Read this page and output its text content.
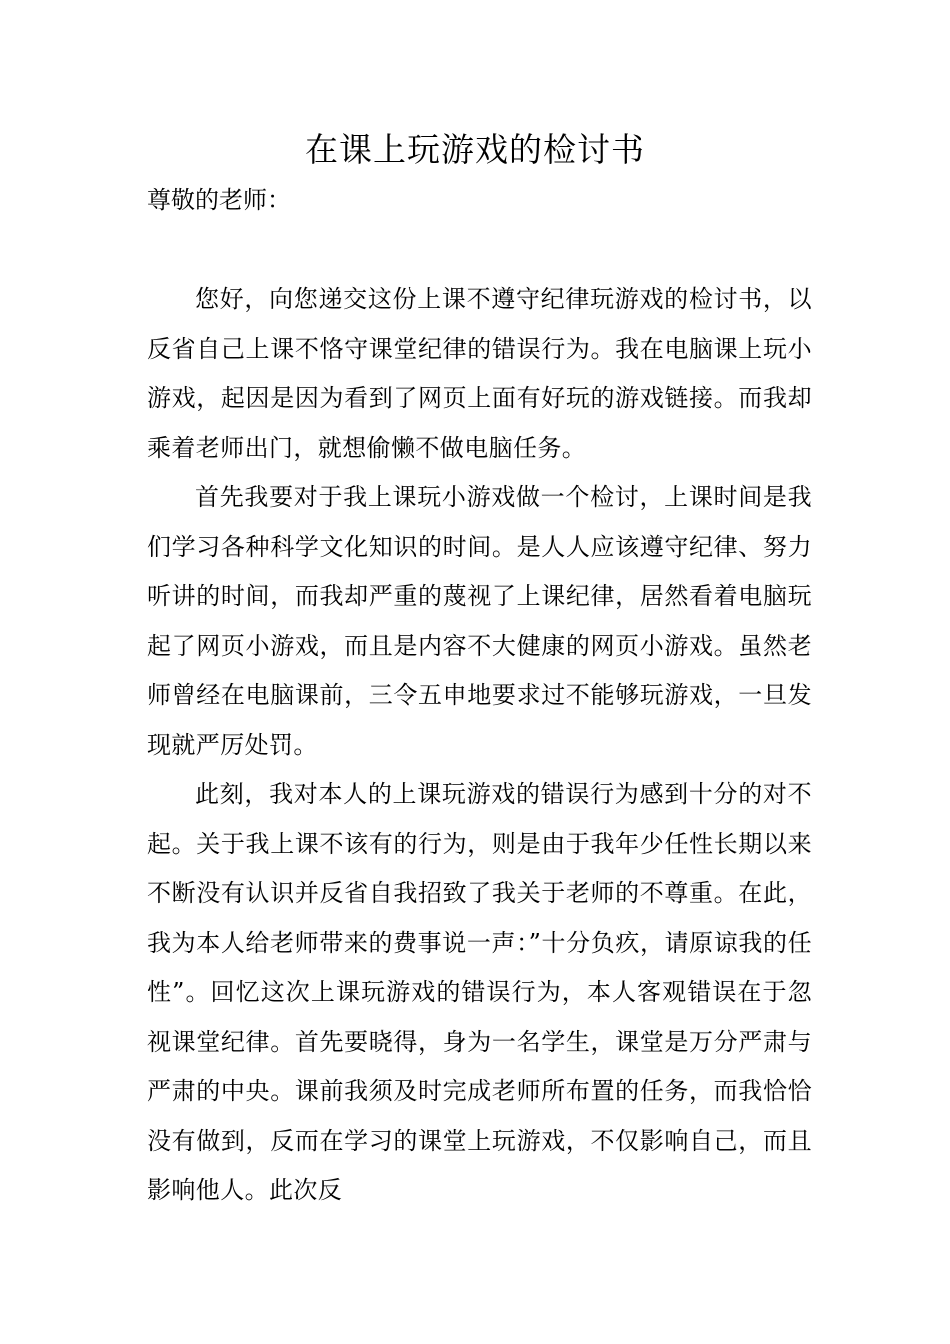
在课上玩游戏的检讨书
尊敬的老师：

您好，向您递交这份上课不遵守纪律玩游戏的检讨书，以反省自己上课不恪守课堂纪律的错误行为。我在电脑课上玩小游戏，起因是因为看到了网页上面有好玩的游戏链接。而我却乘着老师出门，就想偷懒不做电脑任务。

首先我要对于我上课玩小游戏做一个检讨，上课时间是我们学习各种科学文化知识的时间。是人人应该遵守纪律、努力听讲的时间，而我却严重的蔑视了上课纪律，居然看着电脑玩起了网页小游戏，而且是内容不大健康的网页小游戏。虽然老师曾经在电脑课前，三令五申地要求过不能够玩游戏，一旦发现就严厉处罚。

此刻，我对本人的上课玩游戏的错误行为感到十分的对不起。关于我上课不该有的行为，则是由于我年少任性长期以来不断没有认识并反省自我招致了我关于老师的不尊重。在此，我为本人给老师带来的费事说一声：”十分负疚，请原谅我的任性”。回忆这次上课玩游戏的错误行为，本人客观错误在于忽视课堂纪律。首先要晓得，身为一名学生，课堂是万分严肃与严肃的中央。课前我须及时完成老师所布置的任务，而我恰恰没有做到，反而在学习的课堂上玩游戏，不仅影响自己，而且影响他人。此次反
